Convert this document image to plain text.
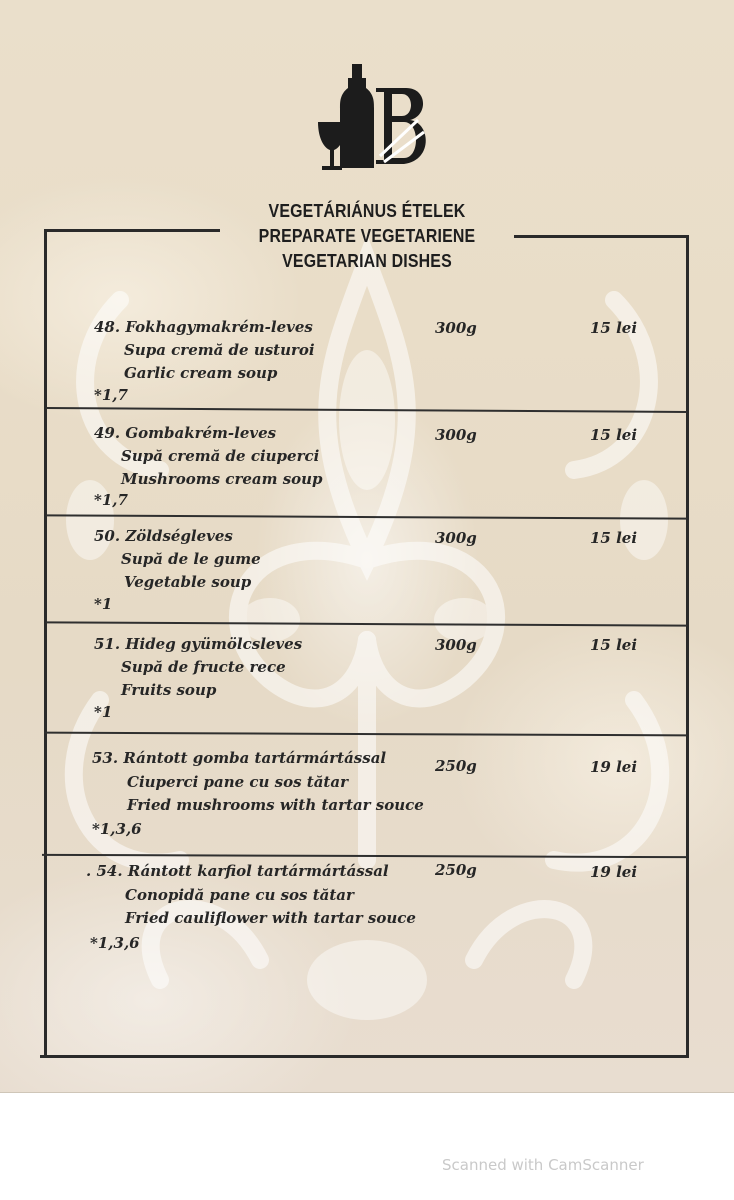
VEGETÁRIÁNUS ÉTELEK
PREPARATE VEGETARIENE
VEGETARIAN DISHES
48. Fokhagymakrém-leves
Supa cremă de usturoi
Garlic cream soup
*1,7
300g	15 lei
49. Gombakrém-leves
Supă cremă de ciuperci
Mushrooms cream soup
*1,7
300g	15 lei
50. Zöldségleves
Supă de le gume
Vegetable soup
*1
300g	15 lei
51. Hideg gyümölcsleves
Supă de fructe rece
Fruits soup
*1
300g	15 lei
53. Rántott gomba tartármártással
Ciuperci pane cu sos tătar
Fried mushrooms with tartar souce
*1,3,6
250g	19 lei
. 54. Rántott karfiol tartármártással
Conopidă pane cu sos tătar
Fried cauliflower with tartar souce
*1,3,6
250g	19 lei
Scanned with CamScanner
